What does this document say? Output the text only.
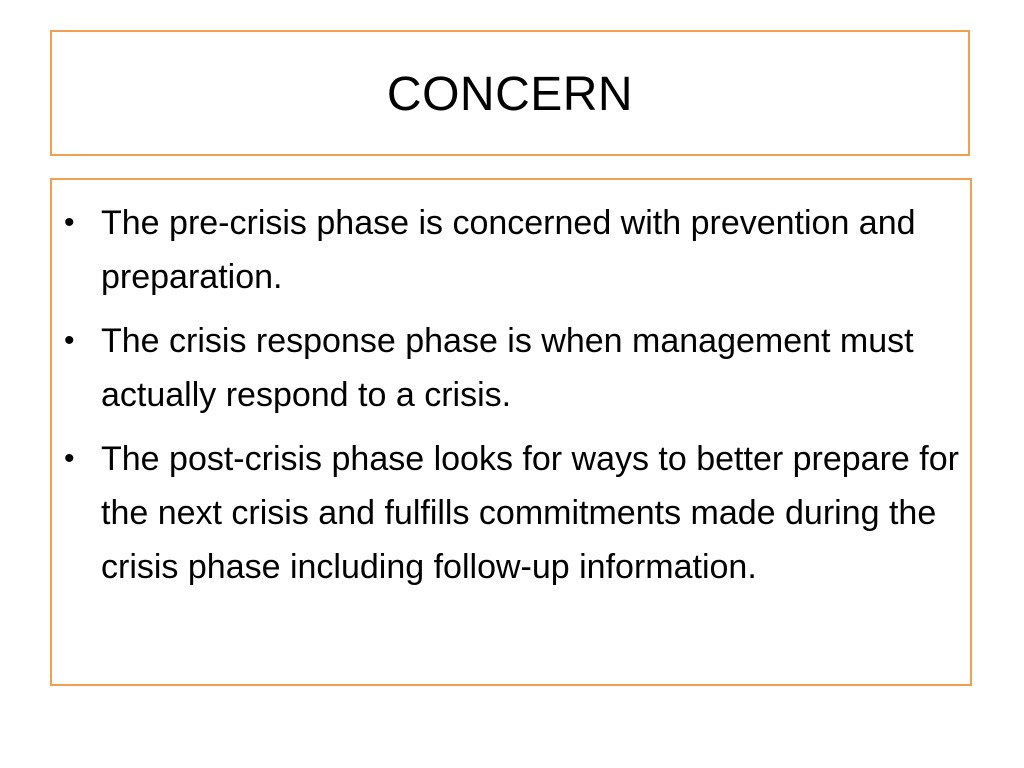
CONCERN
• The pre-crisis phase is concerned with prevention and preparation.
• The crisis response phase is when management must actually respond to a crisis.
• The post-crisis phase looks for ways to better prepare for the next crisis and fulfills commitments made during the crisis phase including follow-up information.
